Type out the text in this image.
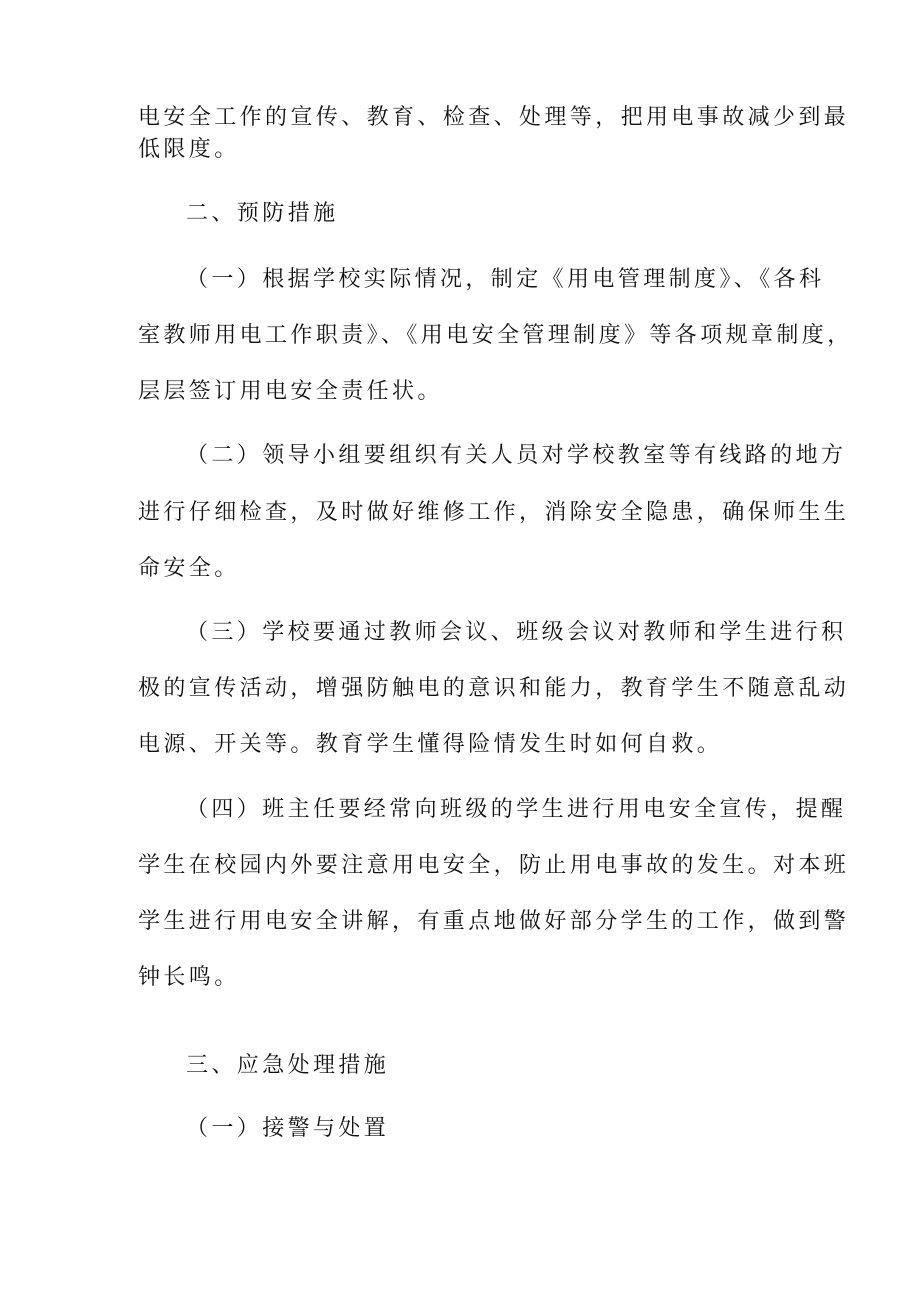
电安全工作的宣传、教育、检查、处理等，把用电事故减少到最
低限度。
二、预防措施
（一）根据学校实际情况，制定《用电管理制度》、《各科
室教师用电工作职责》、《用电安全管理制度》等各项规章制度，
层层签订用电安全责任状。
（二）领导小组要组织有关人员对学校教室等有线路的地方
进行仔细检查，及时做好维修工作，消除安全隐患，确保师生生
命安全。
（三）学校要通过教师会议、班级会议对教师和学生进行积
极的宣传活动，增强防触电的意识和能力，教育学生不随意乱动
电源、开关等。教育学生懂得险情发生时如何自救。
（四）班主任要经常向班级的学生进行用电安全宣传，提醒
学生在校园内外要注意用电安全，防止用电事故的发生。对本班
学生进行用电安全讲解，有重点地做好部分学生的工作，做到警
钟长鸣。
三、应急处理措施
（一）接警与处置
